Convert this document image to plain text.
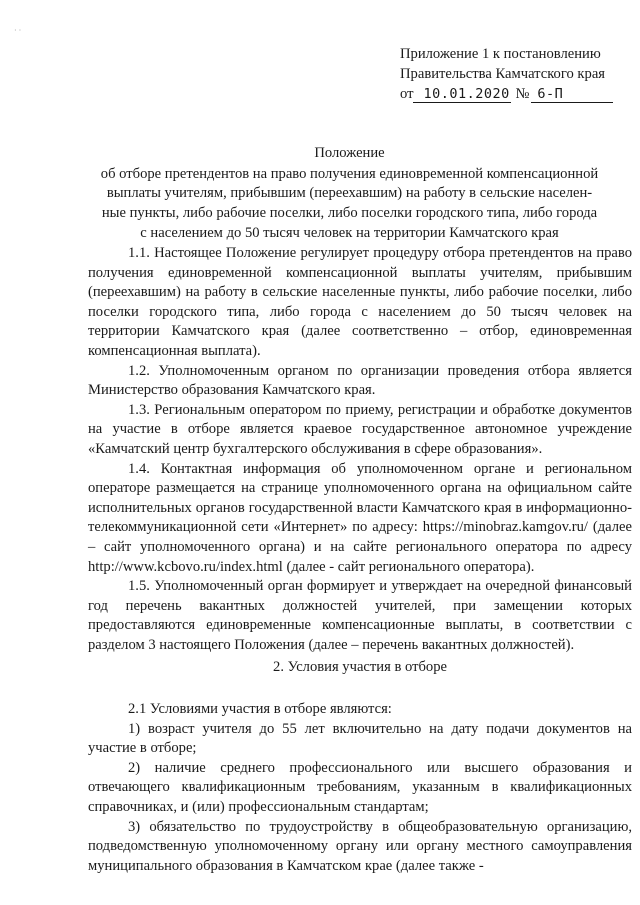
· ·
Приложение 1 к постановлению
Правительства Камчатского края
от 10.01.2020 № 6-П
Положение
об отборе претендентов на право получения единовременной компенсационной
выплаты учителям, прибывшим (переехавшим) на работу в сельские населен-
ные пункты, либо рабочие поселки, либо поселки городского типа, либо города
с населением до 50 тысяч человек на территории Камчатского края

1.1. Настоящее Положение регулирует процедуру отбора претендентов на право получения единовременной компенсационной выплаты учителям, прибывшим (переехавшим) на работу в сельские населенные пункты, либо рабочие поселки, либо поселки городского типа, либо города с населением до 50 тысяч человек на территории Камчатского края (далее соответственно – отбор, единовременная компенсационная выплата).

1.2. Уполномоченным органом по организации проведения отбора является Министерство образования Камчатского края.

1.3. Региональным оператором по приему, регистрации и обработке документов на участие в отборе является краевое государственное автономное учреждение «Камчатский центр бухгалтерского обслуживания в сфере образования».

1.4. Контактная информация об уполномоченном органе и региональном операторе размещается на странице уполномоченного органа на официальном сайте исполнительных органов государственной власти Камчатского края в информационно-телекоммуникационной сети «Интернет» по адресу: https://minobraz.kamgov.ru/ (далее – сайт уполномоченного органа) и на сайте регионального оператора по адресу http://www.kcbovo.ru/index.html (далее - сайт регионального оператора).

1.5. Уполномоченный орган формирует и утверждает на очередной финансовый год перечень вакантных должностей учителей, при замещении которых предоставляются единовременные компенсационные выплаты, в соответствии с разделом 3 настоящего Положения (далее – перечень вакантных должностей).

2. Условия участия в отборе

2.1 Условиями участия в отборе являются:

1) возраст учителя до 55 лет включительно на дату подачи документов на участие в отборе;

2) наличие среднего профессионального или высшего образования и отвечающего квалификационным требованиям, указанным в квалификационных справочниках, и (или) профессиональным стандартам;

3) обязательство по трудоустройству в общеобразовательную организацию, подведомственную уполномоченному органу или органу местного самоуправления муниципального образования в Камчатском крае (далее также -
